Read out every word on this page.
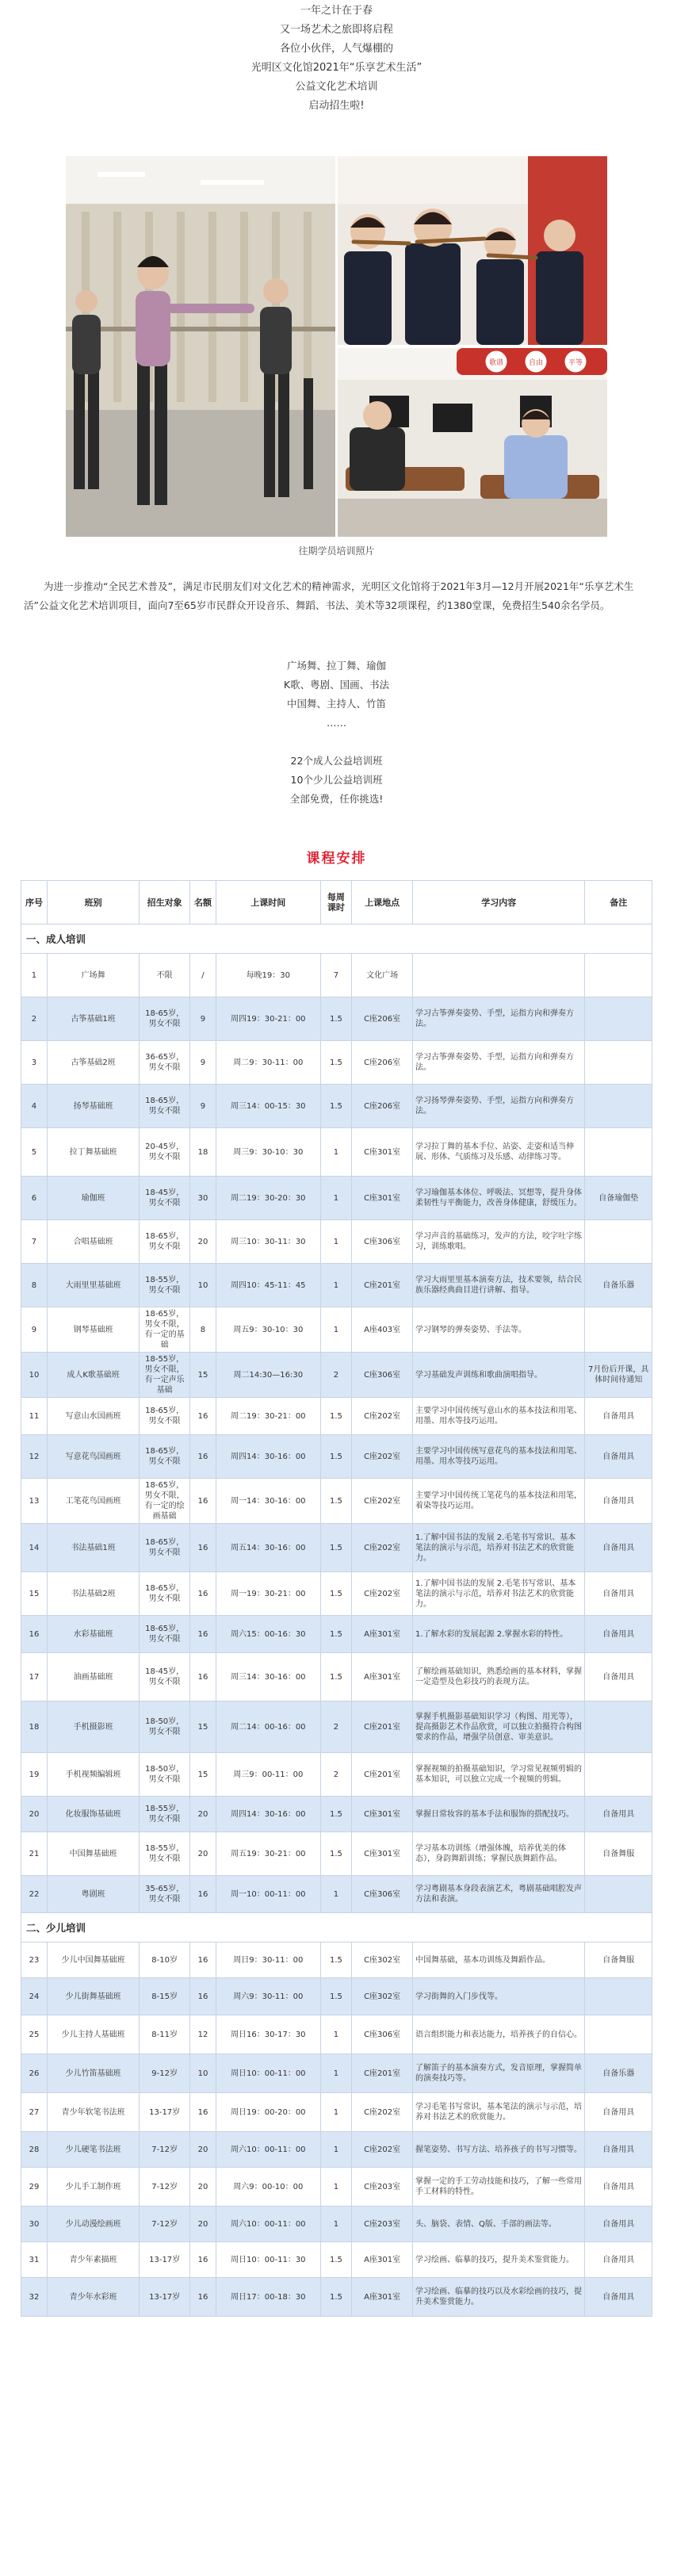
一年之计在于春
又一场艺术之旅即将启程
各位小伙伴，人气爆棚的
光明区文化馆2021年“乐享艺术生活”
公益文化艺术培训
启动招生啦!
歌谱	自由	平等
往期学员培训照片
为进一步推动“全民艺术普及”，满足市民朋友们对文化艺术的精神需求，光明区文化馆将于2021年3月—12月开展2021年“乐享艺术生活”公益文化艺术培训项目，面向7至65岁市民群众开设音乐、舞蹈、书法、美术等32项课程，约1380堂课，免费招生540余名学员。
广场舞、拉丁舞、瑜伽
K歌、粤剧、国画、书法
中国舞、主持人、竹笛
……
22个成人公益培训班
10个少儿公益培训班
全部免费，任你挑选!
课程安排
序号	班别	招生对象	名额	上课时间	每周课时	上课地点	学习内容	备注
一、成人培训								
1	广场舞	不限	/	每晚19：30	7	文化广场		
2	古筝基础1班	18-65岁，男女不限	9	周四19：30-21：00	1.5	C座206室	学习古筝弹奏姿势、手型，运指方向和弹奏方法。	
3	古筝基础2班	36-65岁，男女不限	9	周二9：30-11：00	1.5	C座206室	学习古筝弹奏姿势、手型，运指方向和弹奏方法。	
4	扬琴基础班	18-65岁，男女不限	9	周三14：00-15：30	1.5	C座206室	学习扬琴弹奏姿势、手型，运指方向和弹奏方法。	
5	拉丁舞基础班	20-45岁，男女不限	18	周三9：30-10：30	1	C座301室	学习拉丁舞的基本手位、站姿、走姿和适当伸展、形体、气质练习及乐感、动律练习等。	
6	瑜伽班	18-45岁，男女不限	30	周二19：30-20：30	1	C座301室	学习瑜伽基本体位、呼吸法、冥想等，提升身体柔韧性与平衡能力，改善身体健康，舒缓压力。	自备瑜伽垫
7	合唱基础班	18-65岁，男女不限	20	周三10：30-11：30	1	C座306室	学习声音的基础练习，发声的方法，咬字吐字练习，训练歌唱。	
8	大雨里里基础班	18-55岁，男女不限	10	周四10：45-11：45	1	C座201室	学习大雨里里基本演奏方法，技术要领，结合民族乐器经典曲目进行讲解、指导。	自备乐器
9	钢琴基础班	18-65岁，男女不限，有一定的基础	8	周五9：30-10：30	1	A座403室	学习钢琴的弹奏姿势、手法等。	
10	成人K歌基础班	18-55岁，男女不限，有一定声乐基础	15	周二14:30—16:30	2	C座306室	学习基础发声训练和歌曲演唱指导。	7月份后开课，具体时间待通知
11	写意山水国画班	18-65岁，男女不限	16	周二19：30-21：00	1.5	C座202室	主要学习中国传统写意山水的基本技法和用笔、用墨、用水等技巧运用。	自备用具
12	写意花鸟国画班	18-65岁，男女不限	16	周四14：30-16：00	1.5	C座202室	主要学习中国传统写意花鸟的基本技法和用笔、用墨、用水等技巧运用。	自备用具
13	工笔花鸟国画班	18-65岁，男女不限，有一定的绘画基础	16	周一14：30-16：00	1.5	C座202室	主要学习中国传统工笔花鸟的基本技法和用笔，着染等技巧运用。	自备用具
14	书法基础1班	18-65岁，男女不限	16	周五14：30-16：00	1.5	C座202室	1.了解中国书法的发展 2.毛笔书写常识、基本笔法的演示与示范，培养对书法艺术的欣赏能力。	自备用具
15	书法基础2班	18-65岁，男女不限	16	周一19：30-21：00	1.5	C座202室	1.了解中国书法的发展 2.毛笔书写常识、基本笔法的演示与示范，培养对书法艺术的欣赏能力。	自备用具
16	水彩基础班	18-65岁，男女不限	16	周六15：00-16：30	1.5	A座301室	1.了解水彩的发展起源 2.掌握水彩的特性。	自备用具
17	油画基础班	18-45岁，男女不限	16	周三14：30-16：00	1.5	A座301室	了解绘画基础知识，熟悉绘画的基本材料，掌握一定造型及色彩技巧的表现方法。	自备用具
18	手机摄影班	18-50岁，男女不限	15	周二14：00-16：00	2	C座201室	掌握手机摄影基础知识学习（构图、用光等），提高摄影艺术作品欣赏，可以独立拍摄符合构图要求的作品，增强学员创意、审美意识。	
19	手机视频编辑班	18-50岁，男女不限	15	周三9：00-11：00	2	C座201室	掌握视频的拍摄基础知识，学习常见视频剪辑的基本知识，可以独立完成一个视频的剪辑。	
20	化妆服饰基础班	18-55岁，男女不限	20	周四14：30-16：00	1.5	C座301室	掌握日常妆容的基本手法和服饰的搭配技巧。	自备用具
21	中国舞基础班	18-55岁，男女不限	20	周五19：30-21：00	1.5	C座301室	学习基本功训练（增强体魄，培养优美的体态），身韵舞蹈训练；掌握民族舞蹈作品。	自备舞服
22	粤剧班	35-65岁，男女不限	16	周一10：00-11：00	1	C座306室	学习粤剧基本身段表演艺术，粤剧基础唱腔发声方法和表演。	
二、少儿培训								
23	少儿中国舞基础班	8-10岁	16	周日9：30-11：00	1.5	C座302室	中国舞基础，基本功训练及舞蹈作品。	自备舞服
24	少儿街舞基础班	8-15岁	16	周六9：30-11：00	1.5	C座302室	学习街舞的入门步伐等。	
25	少儿主持人基础班	8-11岁	12	周日16：30-17：30	1	C座306室	语言组织能力和表达能力，培养孩子的自信心。	
26	少儿竹笛基础班	9-12岁	10	周日10：00-11：00	1	C座201室	了解笛子的基本演奏方式，发音原理，掌握简单的演奏技巧等。	自备乐器
27	青少年软笔书法班	13-17岁	16	周日19：00-20：00	1	C座202室	学习毛笔书写常识，基本笔法的演示与示范，培养对书法艺术的欣赏能力。	自备用具
28	少儿硬笔书法班	7-12岁	20	周六10：00-11：00	1	C座202室	握笔姿势、书写方法、培养孩子的书写习惯等。	自备用具
29	少儿手工制作班	7-12岁	20	周六9：00-10：00	1	C座203室	掌握一定的手工劳动技能和技巧，了解一些常用手工材料的特性。	自备用具
30	少儿动漫绘画班	7-12岁	20	周六10：00-11：00	1	C座203室	头、脑袋、表情、Q版、手部的画法等。	自备用具
31	青少年素描班	13-17岁	16	周日10：00-11：30	1.5	A座301室	学习绘画、临摹的技巧，提升美术鉴赏能力。	自备用具
32	青少年水彩班	13-17岁	16	周日17：00-18：30	1.5	A座301室	学习绘画、临摹的技巧以及水彩绘画的技巧，提升美术鉴赏能力。	自备用具
